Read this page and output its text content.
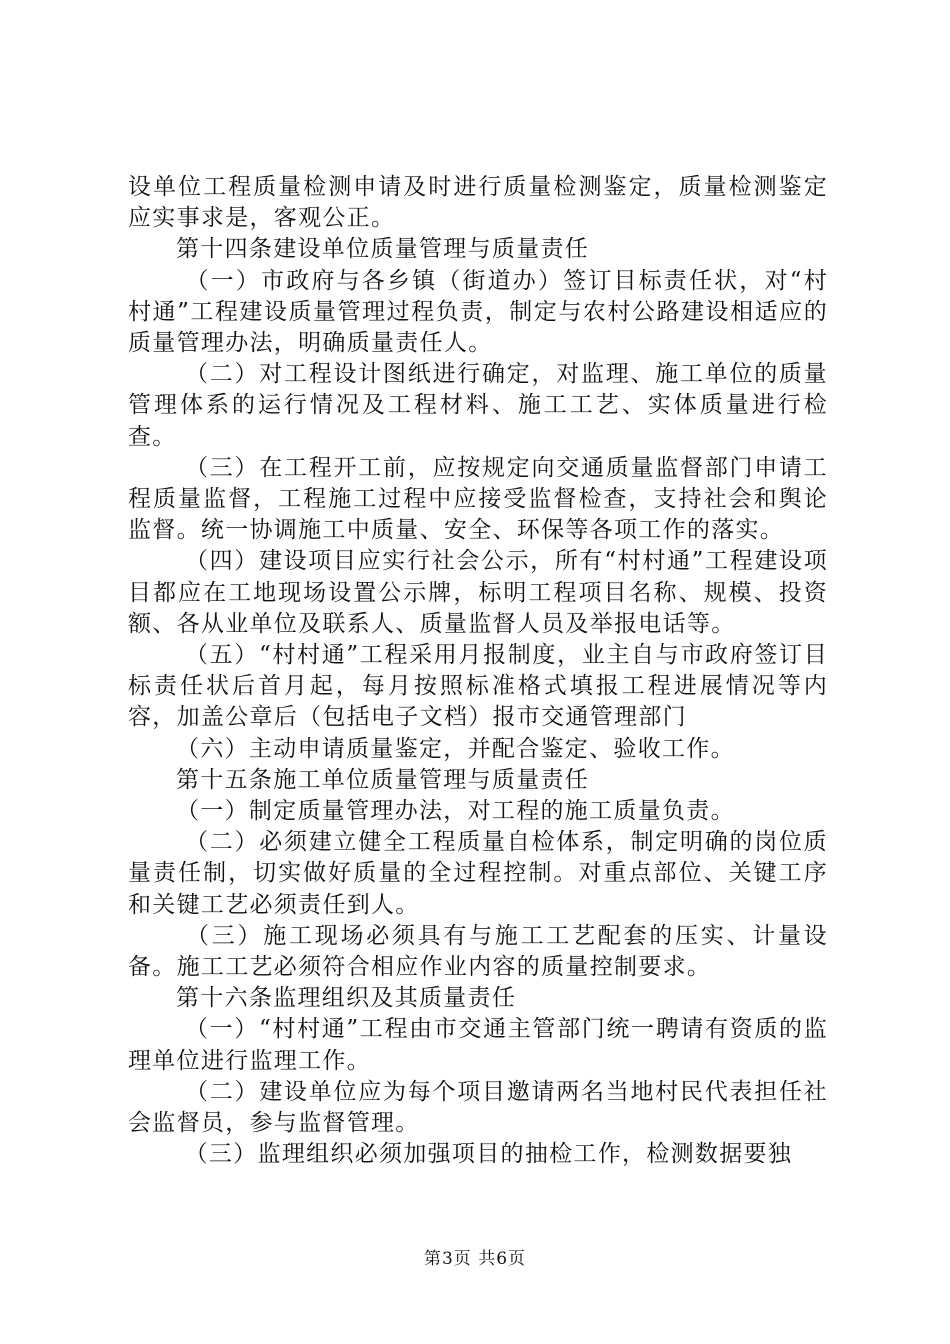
设单位工程质量检测申请及时进行质量检测鉴定，质量检测鉴定应实事求是，客观公正。

第十四条建设单位质量管理与质量责任

（一）市政府与各乡镇（街道办）签订目标责任状，对“村村通”工程建设质量管理过程负责，制定与农村公路建设相适应的质量管理办法，明确质量责任人。

（二）对工程设计图纸进行确定，对监理、施工单位的质量管理体系的运行情况及工程材料、施工工艺、实体质量进行检查。

（三）在工程开工前，应按规定向交通质量监督部门申请工程质量监督，工程施工过程中应接受监督检查，支持社会和舆论监督。统一协调施工中质量、安全、环保等各项工作的落实。

（四）建设项目应实行社会公示，所有“村村通”工程建设项目都应在工地现场设置公示牌，标明工程项目名称、规模、投资额、各从业单位及联系人、质量监督人员及举报电话等。

（五）“村村通”工程采用月报制度，业主自与市政府签订目标责任状后首月起，每月按照标准格式填报工程进展情况等内容，加盖公章后（包括电子文档）报市交通管理部门

（六）主动申请质量鉴定，并配合鉴定、验收工作。

第十五条施工单位质量管理与质量责任

（一）制定质量管理办法，对工程的施工质量负责。

（二）必须建立健全工程质量自检体系，制定明确的岗位质量责任制，切实做好质量的全过程控制。对重点部位、关键工序和关键工艺必须责任到人。

（三）施工现场必须具有与施工工艺配套的压实、计量设备。施工工艺必须符合相应作业内容的质量控制要求。

第十六条监理组织及其质量责任

（一）“村村通”工程由市交通主管部门统一聘请有资质的监理单位进行监理工作。

（二）建设单位应为每个项目邀请两名当地村民代表担任社会监督员，参与监督管理。

（三）监理组织必须加强项目的抽检工作，检测数据要独

第3页 共6页
